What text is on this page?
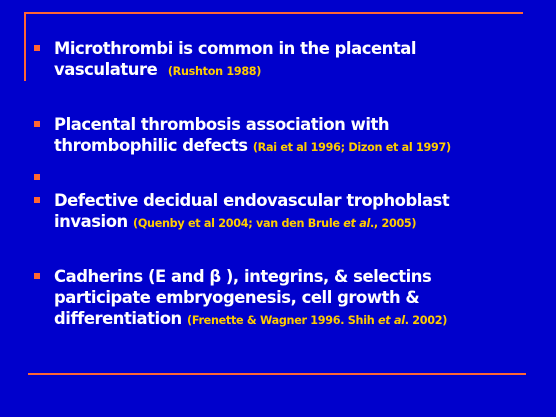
Microthrombi is common in the placental
vasculature (Rushton 1988)
Placental thrombosis association with
thrombophilic defects (Rai et al 1996; Dizon et al 1997)
Defective decidual endovascular trophoblast
invasion (Quenby et al 2004; van den Brule et al., 2005)
Cadherins (E and β ), integrins, & selectins
participate embryogenesis, cell growth &
differentiation (Frenette & Wagner 1996. Shih et al. 2002)
